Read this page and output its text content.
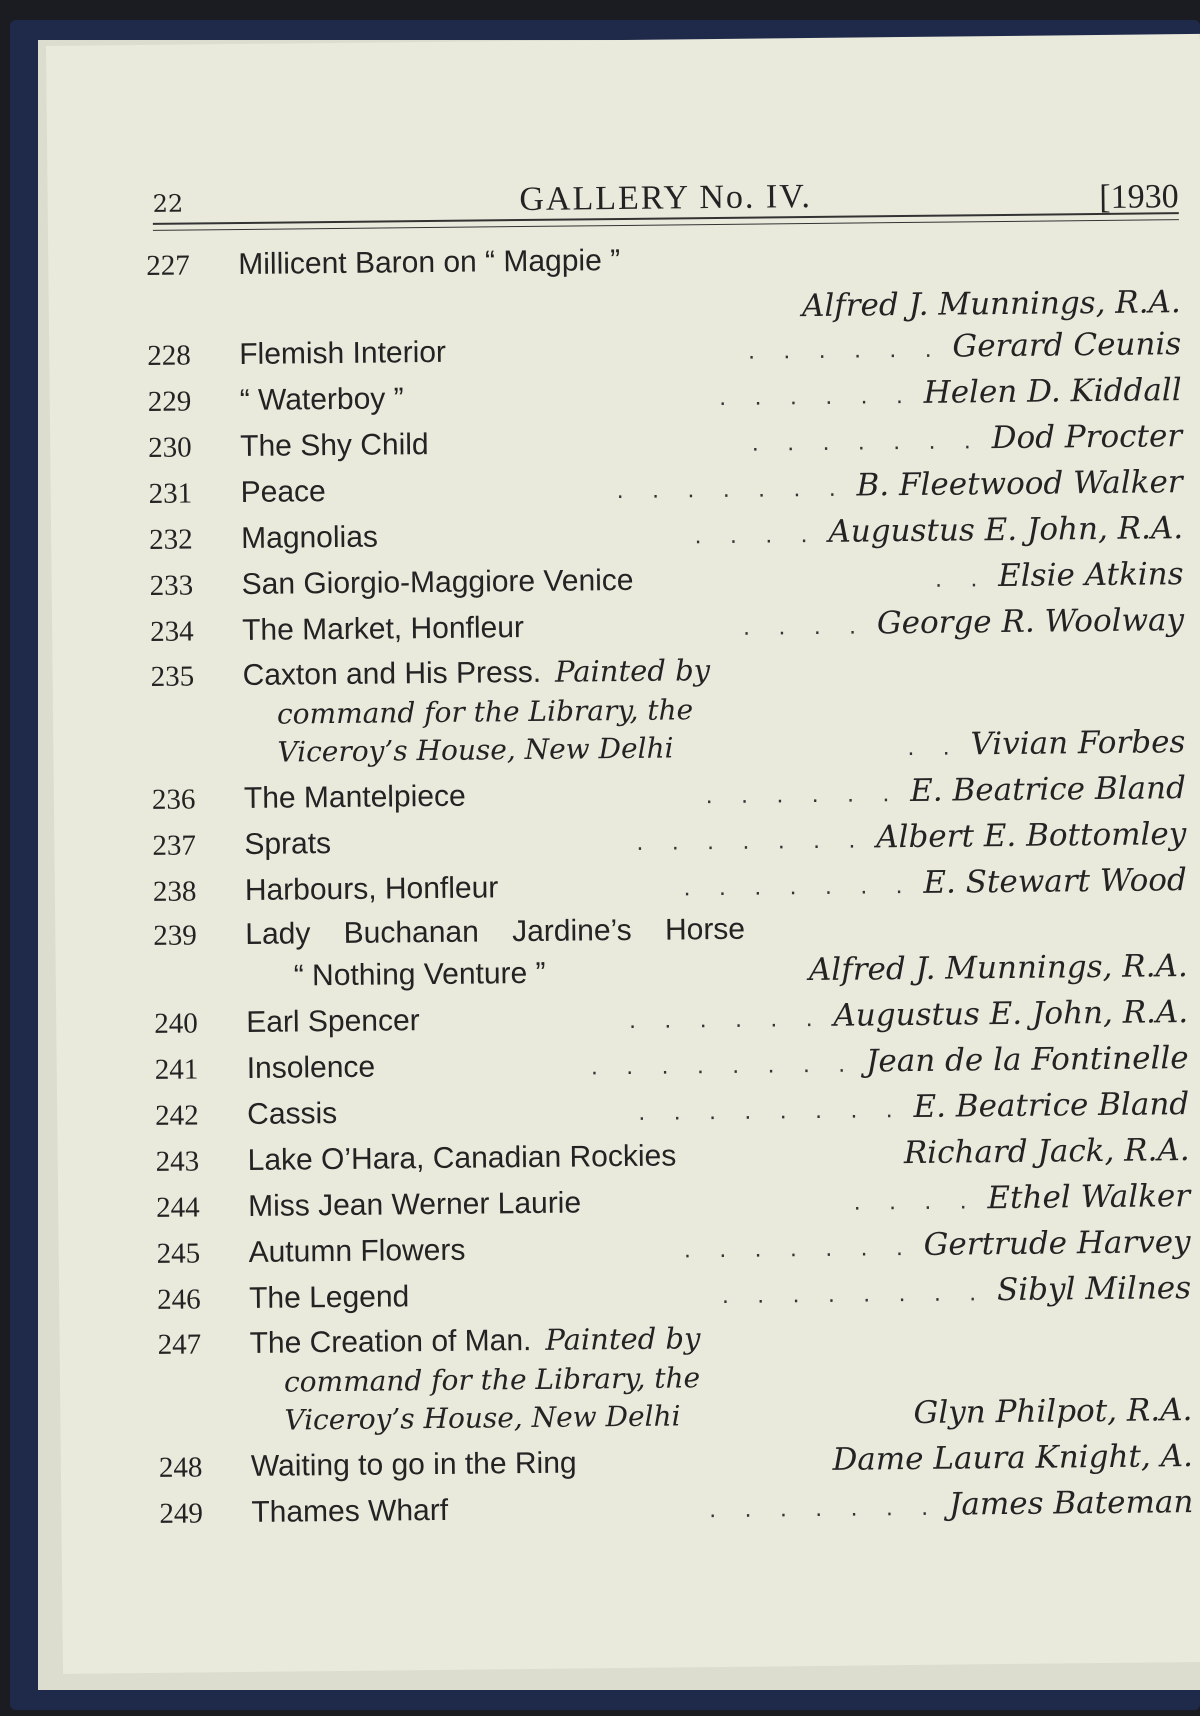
22	GALLERY No. IV.	[1930
227	Millicent Baron on “ Magpie ”
Alfred J. Munnings, R.A.
228	Flemish Interior	. . . . . . Gerard Ceunis
229	“ Waterboy ”	. . . . . . Helen D. Kiddall
230	The Shy Child	. . . . . . . Dod Procter
231	Peace	. . . . . . . B. Fleetwood Walker
232	Magnolias	. . . . Augustus E. John, R.A.
233	San Giorgio-Maggiore Venice	. . Elsie Atkins
234	The Market, Honfleur	. . . . George R. Woolway
235	Caxton and His Press. Painted by
command for the Library, the
Viceroy’s House, New Delhi	. . Vivian Forbes
236	The Mantelpiece	. . . . . . E. Beatrice Bland
237	Sprats	. . . . . . . Albert E. Bottomley
238	Harbours, Honfleur	. . . . . . . E. Stewart Wood
239	Lady    Buchanan    Jardine’s    Horse
“ Nothing Venture ”	Alfred J. Munnings, R.A.
240	Earl Spencer	. . . . . . Augustus E. John, R.A.
241	Insolence	. . . . . . . . Jean de la Fontinelle
242	Cassis	. . . . . . . . E. Beatrice Bland
243	Lake O’Hara, Canadian Rockies	Richard Jack, R.A.
244	Miss Jean Werner Laurie	. . . . Ethel Walker
245	Autumn Flowers	. . . . . . . Gertrude Harvey
246	The Legend	. . . . . . . . Sibyl Milnes
247	The Creation of Man. Painted by
command for the Library, the
Viceroy’s House, New Delhi	Glyn Philpot, R.A.
248	Waiting to go in the Ring	Dame Laura Knight, A.
249	Thames Wharf	. . . . . . . James Bateman
